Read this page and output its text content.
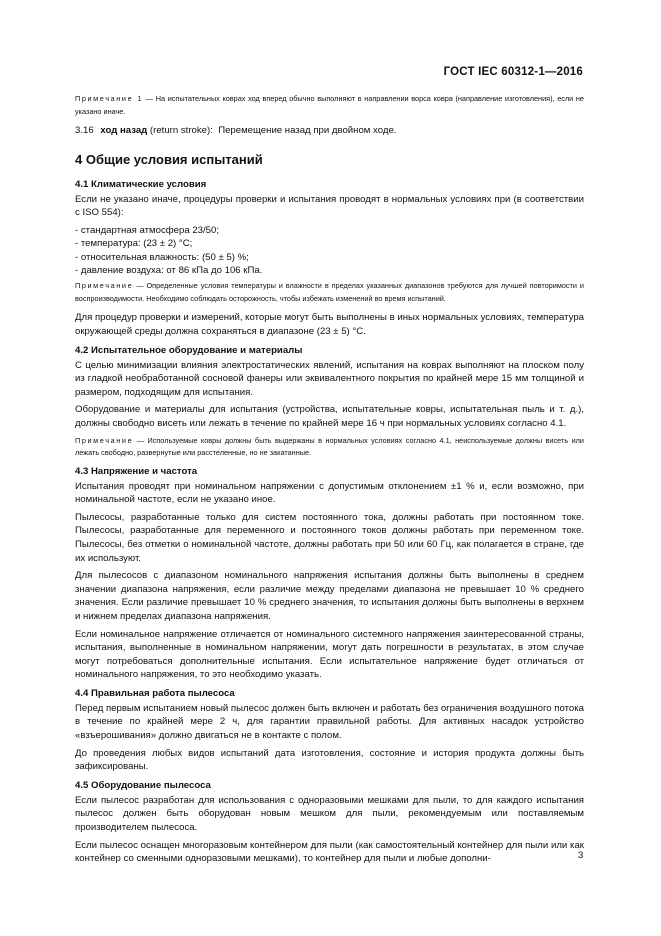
ГОСТ IEC 60312-1—2016

Примечание 1 — На испытательных коврах ход вперед обычно выполняют в направлении ворса ковра (направление изготовления), если не указано иначе.

3.16 ход назад (return stroke): Перемещение назад при двойном ходе.

4 Общие условия испытаний
4.1 Климатические условия

Если не указано иначе, процедуры проверки и испытания проводят в нормальных условиях при (в соответствии с ISO 554):

- стандартная атмосфера 23/50;
- температура: (23 ± 2) °C;
- относительная влажность: (50 ± 5) %;
- давление воздуха: от 86 кПа до 106 кПа.

Примечание — Определенные условия температуры и влажности в пределах указанных диапазонов требуются для лучшей повторимости и воспроизводимости. Необходимо соблюдать осторожность, чтобы избежать изменений во время испытаний.

Для процедур проверки и измерений, которые могут быть выполнены в иных нормальных условиях, температура окружающей среды должна сохраняться в диапазоне (23 ± 5) °C.

4.2 Испытательное оборудование и материалы

С целью минимизации влияния электростатических явлений, испытания на коврах выполняют на плоском полу из гладкой необработанной сосновой фанеры или эквивалентного покрытия по крайней мере 15 мм толщиной и размером, подходящим для испытания.

Оборудование и материалы для испытания (устройства, испытательные ковры, испытательная пыль и т. д.), должны свободно висеть или лежать в течение по крайней мере 16 ч при нормальных условиях согласно 4.1.

Примечание — Используемые ковры должны быть выдержаны в нормальных условиях согласно 4.1, неиспользуемые должны висеть или лежать свободно, развернутые или расстеленные, но не закатанные.

4.3 Напряжение и частота

Испытания проводят при номинальном напряжении с допустимым отклонением ±1 % и, если возможно, при номинальной частоте, если не указано иное.

Пылесосы, разработанные только для систем постоянного тока, должны работать при постоянном токе. Пылесосы, разработанные для переменного и постоянного токов должны работать при переменном токе. Пылесосы, без отметки о номинальной частоте, должны работать при 50 или 60 Гц, как полагается в стране, где их используют.

Для пылесосов с диапазоном номинального напряжения испытания должны быть выполнены в среднем значении диапазона напряжения, если различие между пределами диапазона не превышает 10 % среднего значения. Если различие превышает 10 % среднего значения, то испытания должны быть выполнены в верхнем и нижнем пределах диапазона напряжения.

Если номинальное напряжение отличается от номинального системного напряжения заинтересованной страны, испытания, выполненные в номинальном напряжении, могут дать погрешности в результатах, в этом случае могут потребоваться дополнительные испытания. Если испытательное напряжение будет отличаться от номинального напряжения, то это необходимо указать.

4.4 Правильная работа пылесоса

Перед первым испытанием новый пылесос должен быть включен и работать без ограничения воздушного потока в течение по крайней мере 2 ч, для гарантии правильной работы. Для активных насадок устройство «взъерошивания» должно двигаться не в контакте с полом.

До проведения любых видов испытаний дата изготовления, состояние и история продукта должны быть зафиксированы.

4.5 Оборудование пылесоса

Если пылесос разработан для использования с одноразовыми мешками для пыли, то для каждого испытания пылесос должен быть оборудован новым мешком для пыли, рекомендуемым или поставляемым производителем пылесоса.

Если пылесос оснащен многоразовым контейнером для пыли (как самостоятельный контейнер для пыли или как контейнер со сменными одноразовыми мешками), то контейнер для пыли и любые дополни-	3
